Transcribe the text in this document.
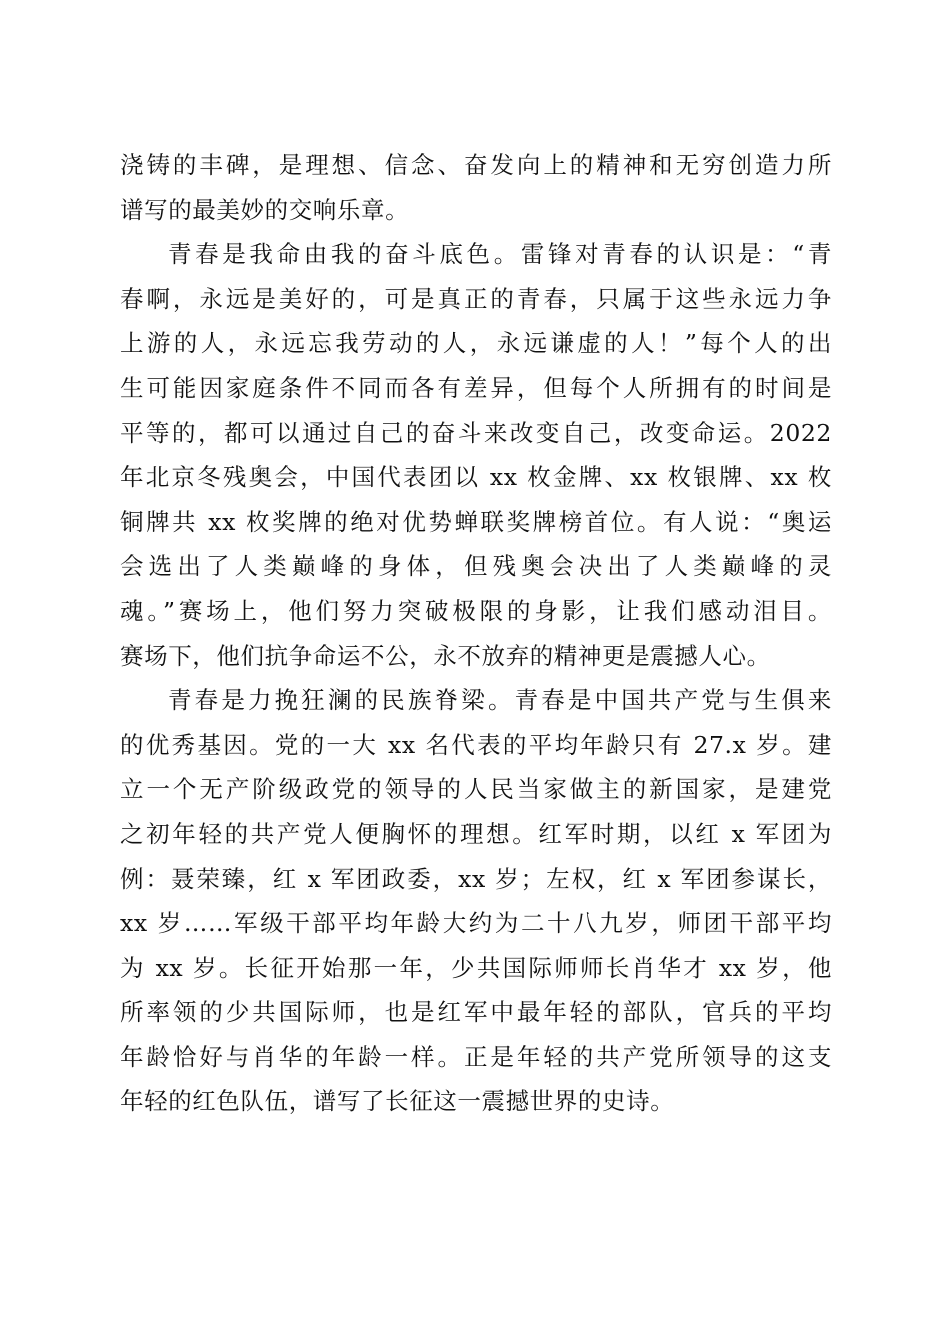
浇铸的丰碑，是理想、信念、奋发向上的精神和无穷创造力所
谱写的最美妙的交响乐章。
青春是我命由我的奋斗底色。雷锋对青春的认识是：“青
春啊，永远是美好的，可是真正的青春，只属于这些永远力争
上游的人，永远忘我劳动的人，永远谦虚的人！”每个人的出
生可能因家庭条件不同而各有差异，但每个人所拥有的时间是
平等的，都可以通过自己的奋斗来改变自己，改变命运。2022
年北京冬残奥会，中国代表团以 xx 枚金牌、xx 枚银牌、xx 枚
铜牌共 xx 枚奖牌的绝对优势蝉联奖牌榜首位。有人说：“奥运
会选出了人类巅峰的身体，但残奥会决出了人类巅峰的灵
魂。”赛场上，他们努力突破极限的身影，让我们感动泪目。
赛场下，他们抗争命运不公，永不放弃的精神更是震撼人心。
青春是力挽狂澜的民族脊梁。青春是中国共产党与生俱来
的优秀基因。党的一大 xx 名代表的平均年龄只有 27.x 岁。建
立一个无产阶级政党的领导的人民当家做主的新国家，是建党
之初年轻的共产党人便胸怀的理想。红军时期，以红 x 军团为
例：聂荣臻，红 x 军团政委，xx 岁；左权，红 x 军团参谋长，
xx 岁……军级干部平均年龄大约为二十八九岁，师团干部平均
为 xx 岁。长征开始那一年，少共国际师师长肖华才 xx 岁，他
所率领的少共国际师，也是红军中最年轻的部队，官兵的平均
年龄恰好与肖华的年龄一样。正是年轻的共产党所领导的这支
年轻的红色队伍，谱写了长征这一震撼世界的史诗。
